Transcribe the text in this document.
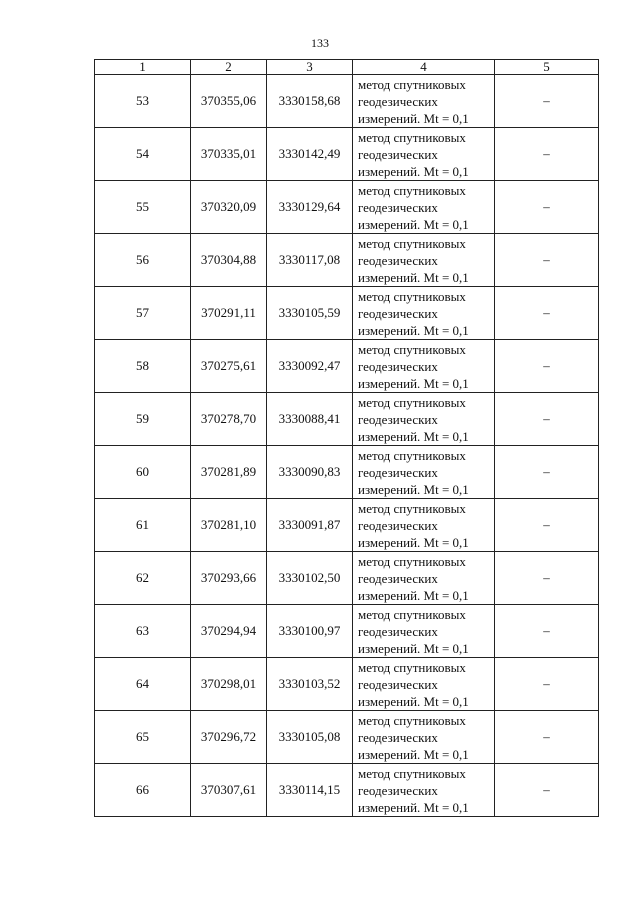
133
1	2	3	4	5
53	370355,06	3330158,68	метод спутниковых
геодезических
измерений. Mt = 0,1	–
54	370335,01	3330142,49	метод спутниковых
геодезических
измерений. Mt = 0,1	–
55	370320,09	3330129,64	метод спутниковых
геодезических
измерений. Mt = 0,1	–
56	370304,88	3330117,08	метод спутниковых
геодезических
измерений. Mt = 0,1	–
57	370291,11	3330105,59	метод спутниковых
геодезических
измерений. Mt = 0,1	–
58	370275,61	3330092,47	метод спутниковых
геодезических
измерений. Mt = 0,1	–
59	370278,70	3330088,41	метод спутниковых
геодезических
измерений. Mt = 0,1	–
60	370281,89	3330090,83	метод спутниковых
геодезических
измерений. Mt = 0,1	–
61	370281,10	3330091,87	метод спутниковых
геодезических
измерений. Mt = 0,1	–
62	370293,66	3330102,50	метод спутниковых
геодезических
измерений. Mt = 0,1	–
63	370294,94	3330100,97	метод спутниковых
геодезических
измерений. Mt = 0,1	–
64	370298,01	3330103,52	метод спутниковых
геодезических
измерений. Mt = 0,1	–
65	370296,72	3330105,08	метод спутниковых
геодезических
измерений. Mt = 0,1	–
66	370307,61	3330114,15	метод спутниковых
геодезических
измерений. Mt = 0,1	–
